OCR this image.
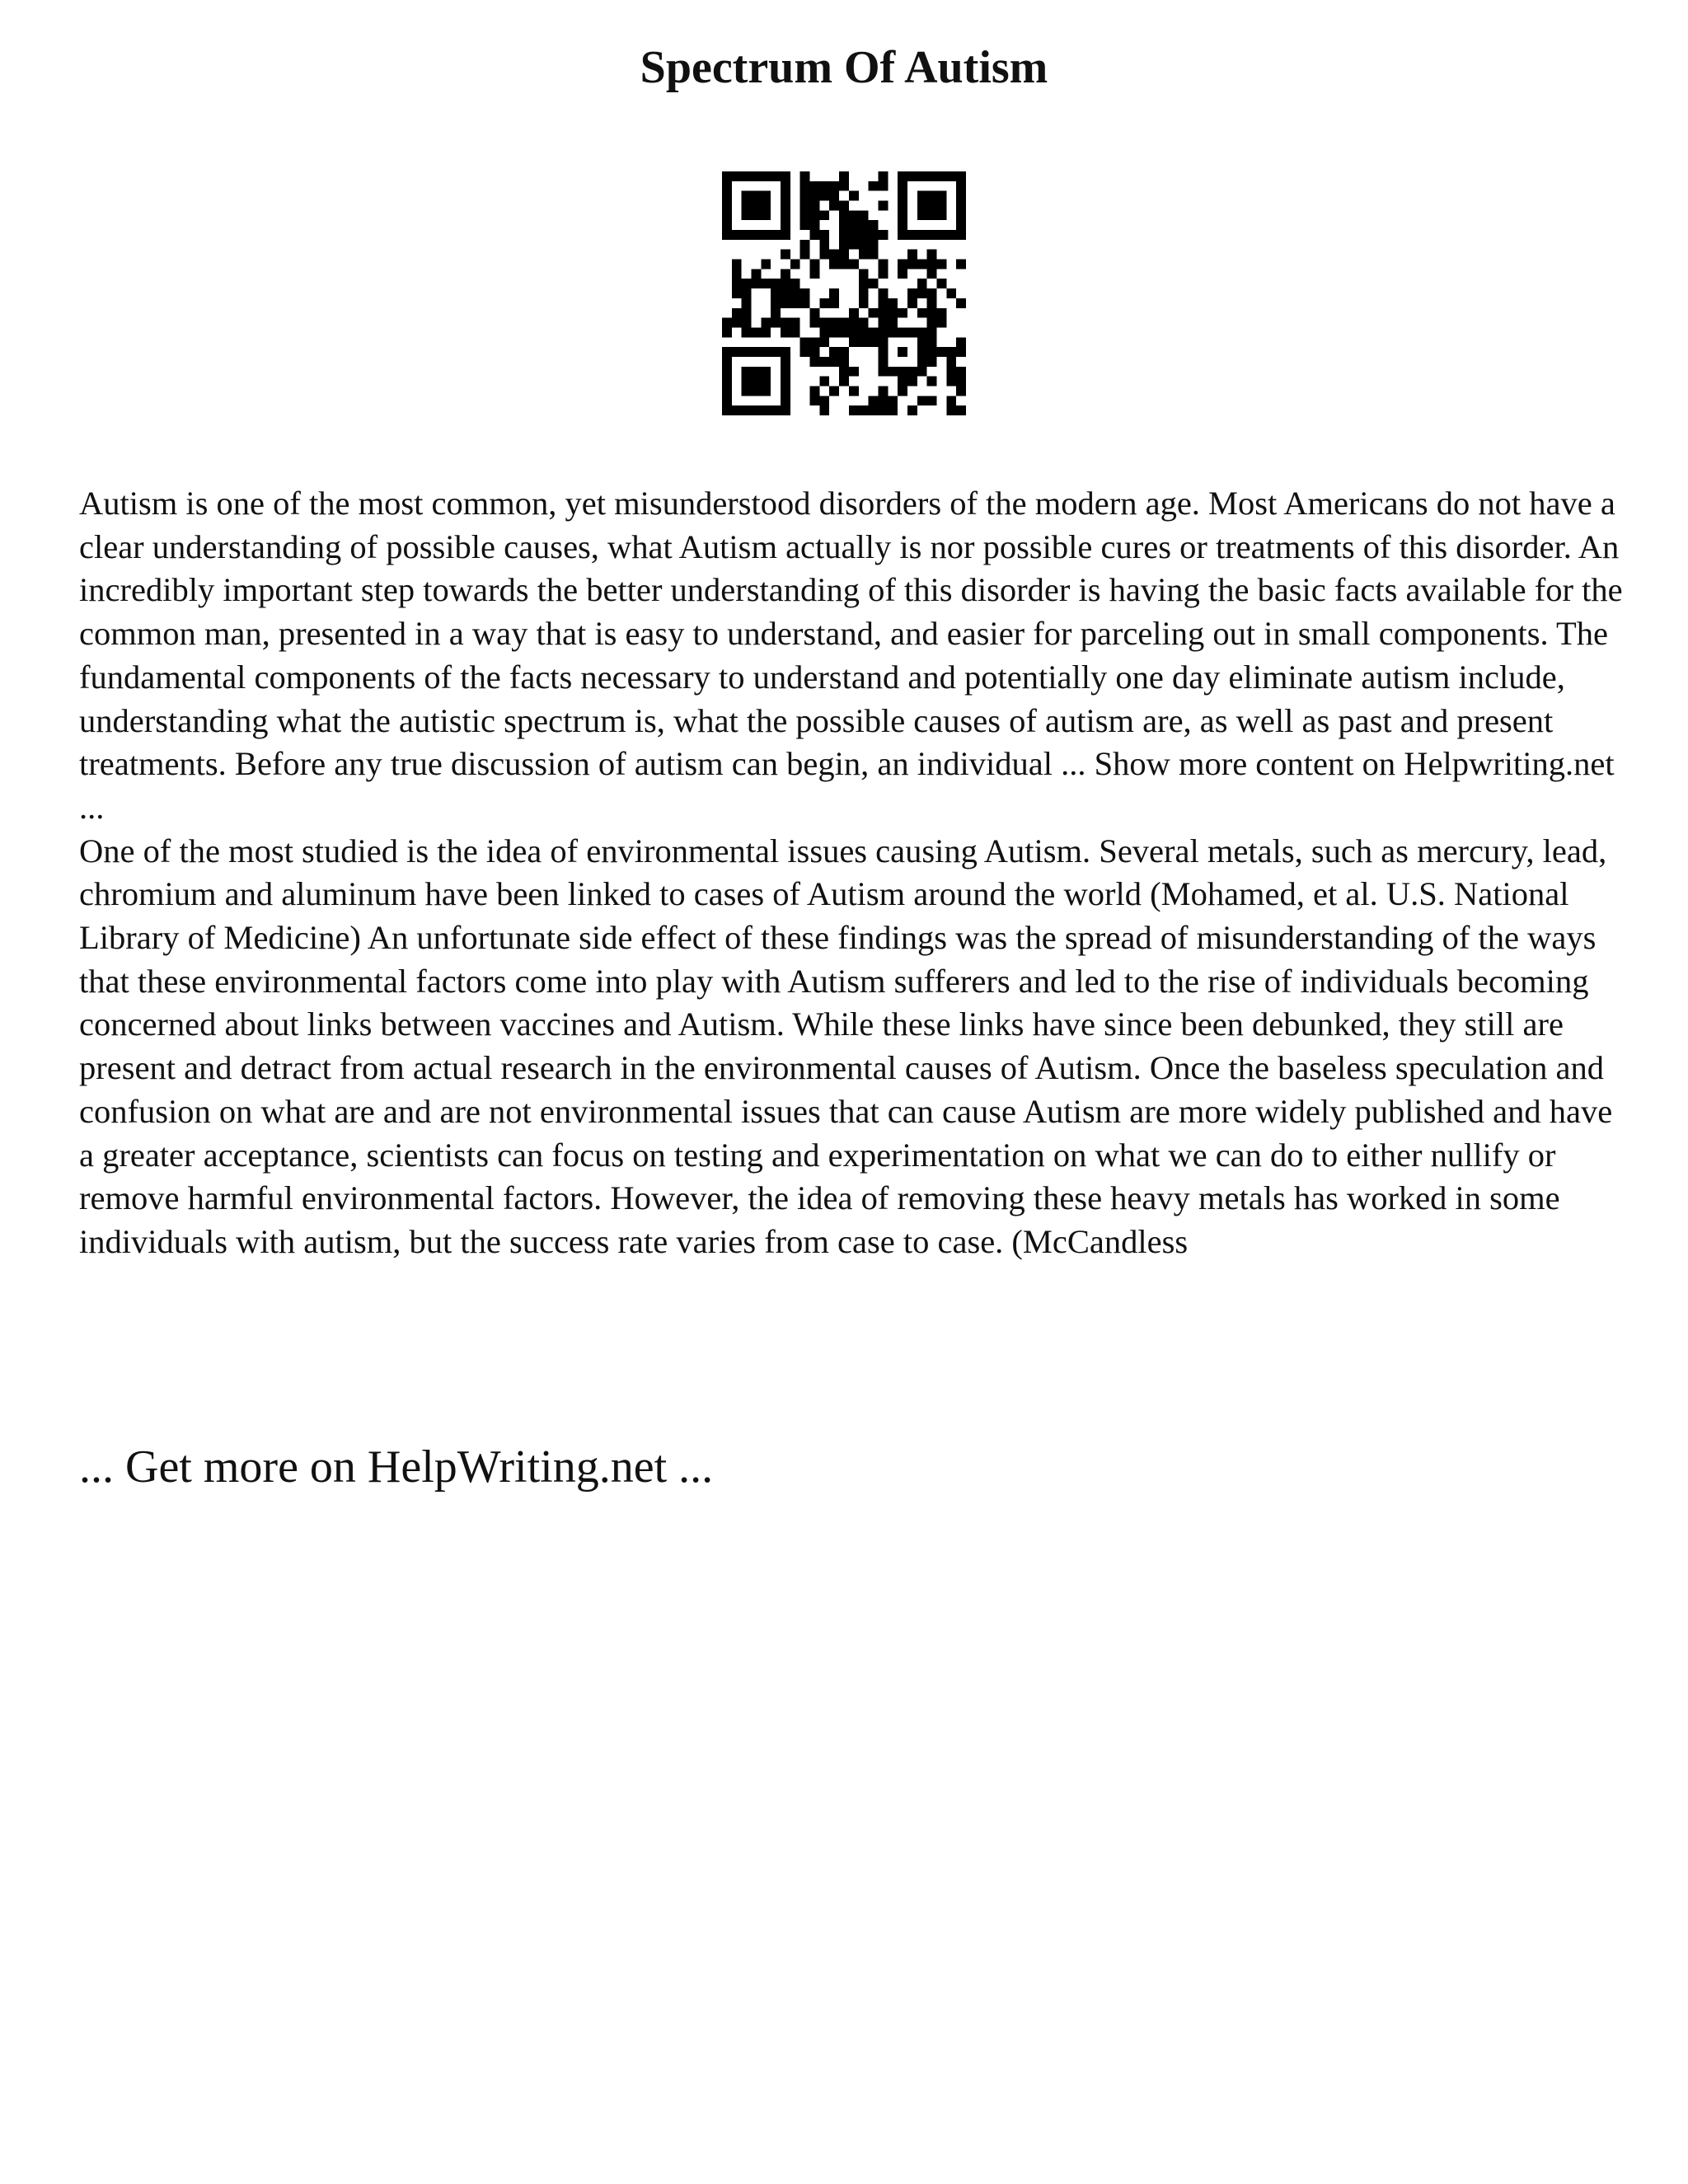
Spectrum Of Autism

Autism is one of the most common, yet misunderstood disorders of the modern age. Most Americans do not have a clear understanding of possible causes, what Autism actually is nor possible cures or treatments of this disorder. An incredibly important step towards the better understanding of this disorder is having the basic facts available for the common man, presented in a way that is easy to understand, and easier for parceling out in small components. The fundamental components of the facts necessary to understand and potentially one day eliminate autism include, understanding what the autistic spectrum is, what the possible causes of autism are, as well as past and present treatments. Before any true discussion of autism can begin, an individual ... Show more content on Helpwriting.net ...

One of the most studied is the idea of environmental issues causing Autism. Several metals, such as mercury, lead, chromium and aluminum have been linked to cases of Autism around the world (Mohamed, et al. U.S. National Library of Medicine) An unfortunate side effect of these findings was the spread of misunderstanding of the ways that these environmental factors come into play with Autism sufferers and led to the rise of individuals becoming concerned about links between vaccines and Autism. While these links have since been debunked, they still are present and detract from actual research in the environmental causes of Autism. Once the baseless speculation and confusion on what are and are not environmental issues that can cause Autism are more widely published and have a greater acceptance, scientists can focus on testing and experimentation on what we can do to either nullify or remove harmful environmental factors. However, the idea of removing these heavy metals has worked in some individuals with autism, but the success rate varies from case to case. (McCandless

... Get more on HelpWriting.net ...
